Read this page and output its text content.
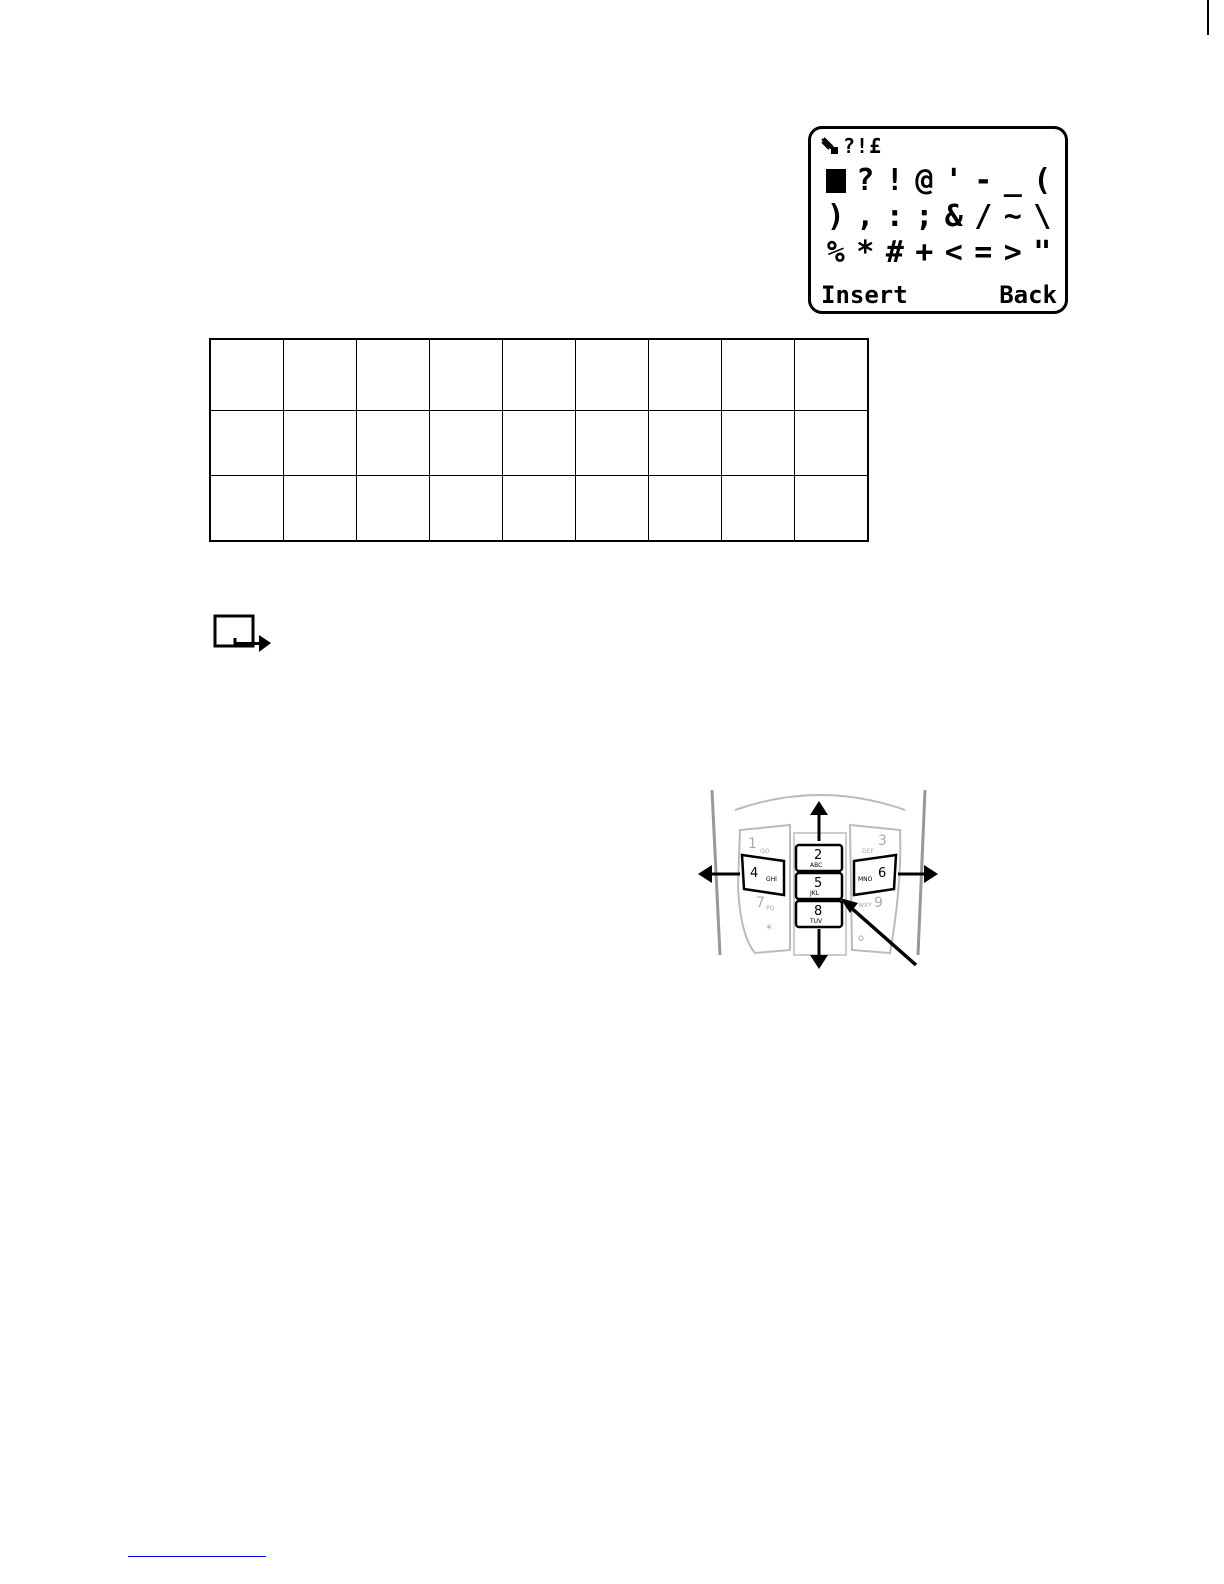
?!£
? ! @ ' - _ (
) , : ; & / ~ \
% * # + < = > "
Insert	Back

1 QO
3
DEF
7 PQ	9
WXY
*
o
2
ABC
5
JKL
8
TUV
4 GHI	6
MNO
